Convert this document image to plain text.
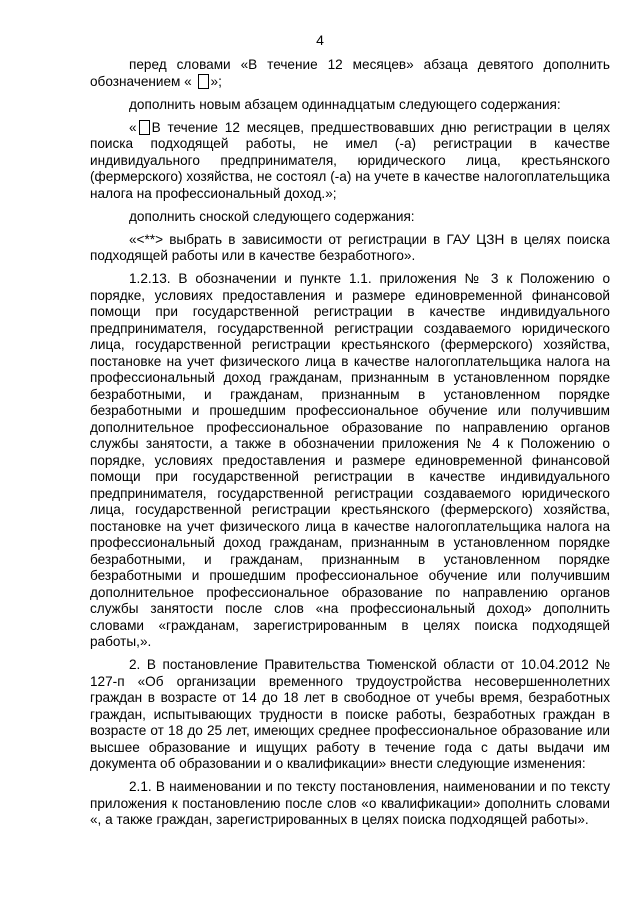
4

перед словами «В течение 12 месяцев» абзаца девятого дополнить обозначением « »;

дополнить новым абзацем одиннадцатым следующего содержания:

« В течение 12 месяцев, предшествовавших дню регистрации в целях поиска подходящей работы, не имел (-а) регистрации в качестве индивидуального предпринимателя, юридического лица, крестьянского (фермерского) хозяйства, не состоял (-а) на учете в качестве налогоплательщика налога на профессиональный доход.»;

дополнить сноской следующего содержания:

«<**> выбрать в зависимости от регистрации в ГАУ ЦЗН в целях поиска подходящей работы или в качестве безработного».

1.2.13. В обозначении и пункте 1.1. приложения № 3 к Положению о порядке, условиях предоставления и размере единовременной финансовой помощи при государственной регистрации в качестве индивидуального предпринимателя, государственной регистрации создаваемого юридического лица, государственной регистрации крестьянского (фермерского) хозяйства, постановке на учет физического лица в качестве налогоплательщика налога на профессиональный доход гражданам, признанным в установленном порядке безработными, и гражданам, признанным в установленном порядке безработными и прошедшим профессиональное обучение или получившим дополнительное профессиональное образование по направлению органов службы занятости, а также в обозначении приложения № 4 к Положению о порядке, условиях предоставления и размере единовременной финансовой помощи при государственной регистрации в качестве индивидуального предпринимателя, государственной регистрации создаваемого юридического лица, государственной регистрации крестьянского (фермерского) хозяйства, постановке на учет физического лица в качестве налогоплательщика налога на профессиональный доход гражданам, признанным в установленном порядке безработными, и гражданам, признанным в установленном порядке безработными и прошедшим профессиональное обучение или получившим дополнительное профессиональное образование по направлению органов службы занятости после слов «на профессиональный доход» дополнить словами «гражданам, зарегистрированным в целях поиска подходящей работы,».

2. В постановление Правительства Тюменской области от 10.04.2012 № 127-п «Об организации временного трудоустройства несовершеннолетних граждан в возрасте от 14 до 18 лет в свободное от учебы время, безработных граждан, испытывающих трудности в поиске работы, безработных граждан в возрасте от 18 до 25 лет, имеющих среднее профессиональное образование или высшее образование и ищущих работу в течение года с даты выдачи им документа об образовании и о квалификации» внести следующие изменения:

2.1. В наименовании и по тексту постановления, наименовании и по тексту приложения к постановлению после слов «о квалификации» дополнить словами «, а также граждан, зарегистрированных в целях поиска подходящей работы».
